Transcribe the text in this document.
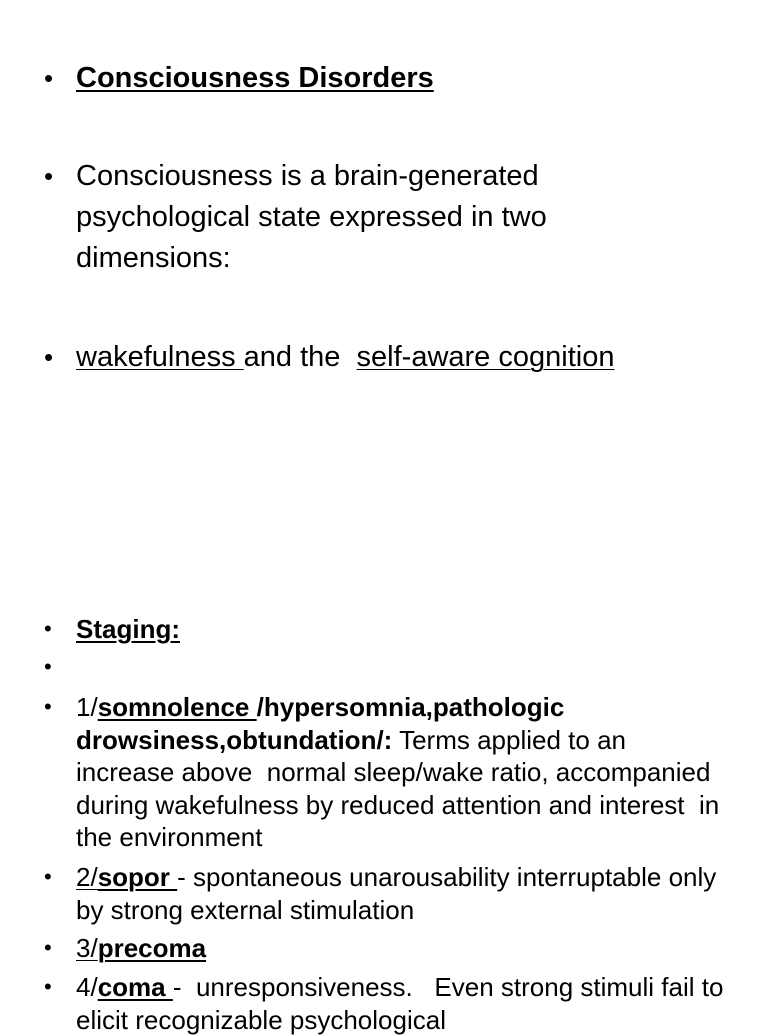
• Consciousness Disorders
• Consciousness is a brain-generated psychological state expressed in two dimensions:
• wakefulness and the  self-aware cognition
• Staging:
•
• 1/somnolence /hypersomnia,pathologic drowsiness,obtundation/: Terms applied to an increase above  normal sleep/wake ratio, accompanied during wakefulness by reduced attention and interest  in the environment
• 2/sopor - spontaneous unarousability interruptable only by strong external stimulation
• 3/precoma
• 4/coma -  unresponsiveness.   Even strong stimuli fail to elicit recognizable psychological
